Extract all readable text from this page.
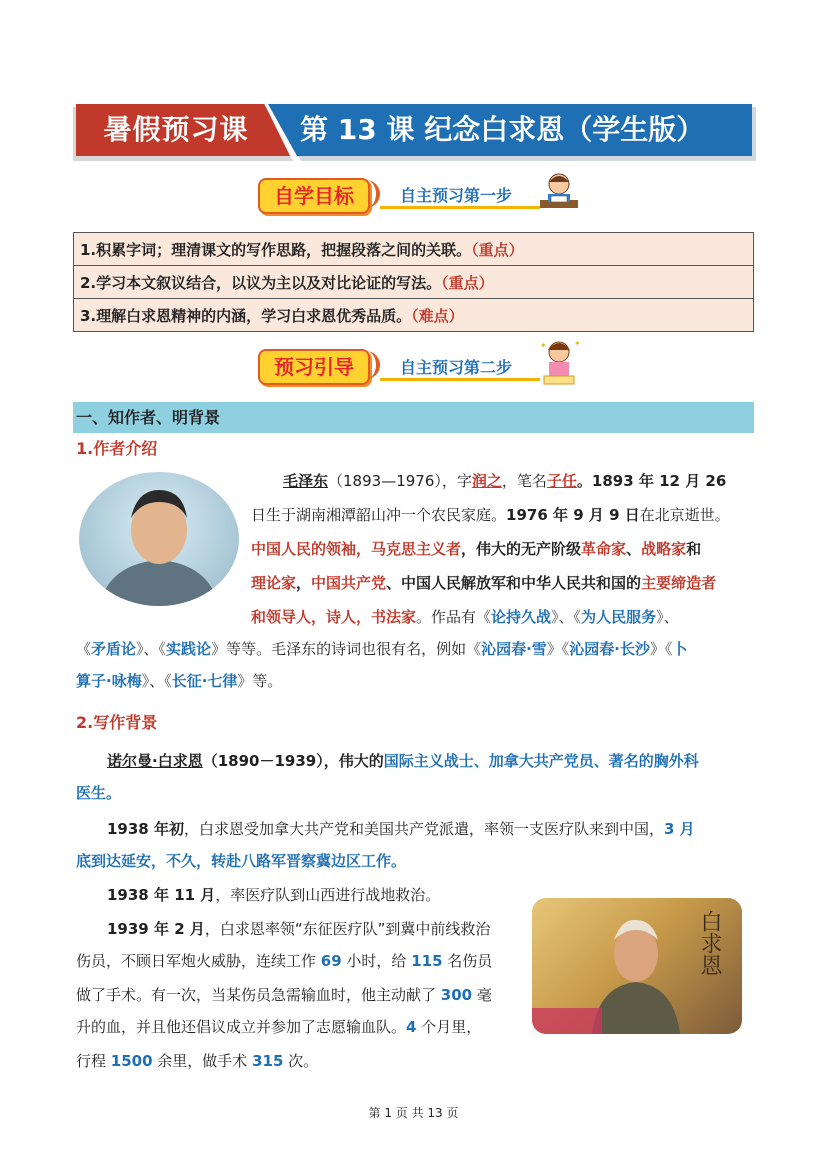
暑假预习课	第 13 课 纪念白求恩（学生版）
自学目标	自主预习第一步
1.积累字词；理清课文的写作思路，把握段落之间的关联。（重点）
2.学习本文叙议结合，以议为主以及对比论证的写法。（重点）
3.理解白求恩精神的内涵，学习白求恩优秀品质。（难点）
预习引导	自主预习第二步
✦	✦
一、知作者、明背景
1.作者介绍
毛泽东（1893—1976），字润之，笔名子任。1893 年 12 月 26
日生于湖南湘潭韶山冲一个农民家庭。1976 年 9 月 9 日在北京逝世。
中国人民的领袖，马克思主义者，伟大的无产阶级革命家、战略家和
理论家，中国共产党、中国人民解放军和中华人民共和国的主要缔造者
和领导人，诗人，书法家。作品有《论持久战》、《为人民服务》、
《矛盾论》、《实践论》等等。毛泽东的诗词也很有名，例如《沁园春·雪》《沁园春·长沙》《卜
算子·咏梅》、《长征·七律》等。
2.写作背景
诺尔曼·白求恩（1890－1939），伟大的国际主义战士、加拿大共产党员、著名的胸外科
医生。
1938 年初，白求恩受加拿大共产党和美国共产党派遣，率领一支医疗队来到中国，3 月
底到达延安，不久，转赴八路军晋察冀边区工作。
1938 年 11 月，率医疗队到山西进行战地救治。
1939 年 2 月，白求恩率领“东征医疗队”到冀中前线救治
伤员，不顾日军炮火威胁，连续工作 69 小时，给 115 名伤员
做了手术。有一次，当某伤员急需输血时，他主动献了 300 毫
升的血，并且他还倡议成立并参加了志愿输血队。4 个月里，
行程 1500 余里，做手术 315 次。
白求恩
第 1 页 共 13 页
